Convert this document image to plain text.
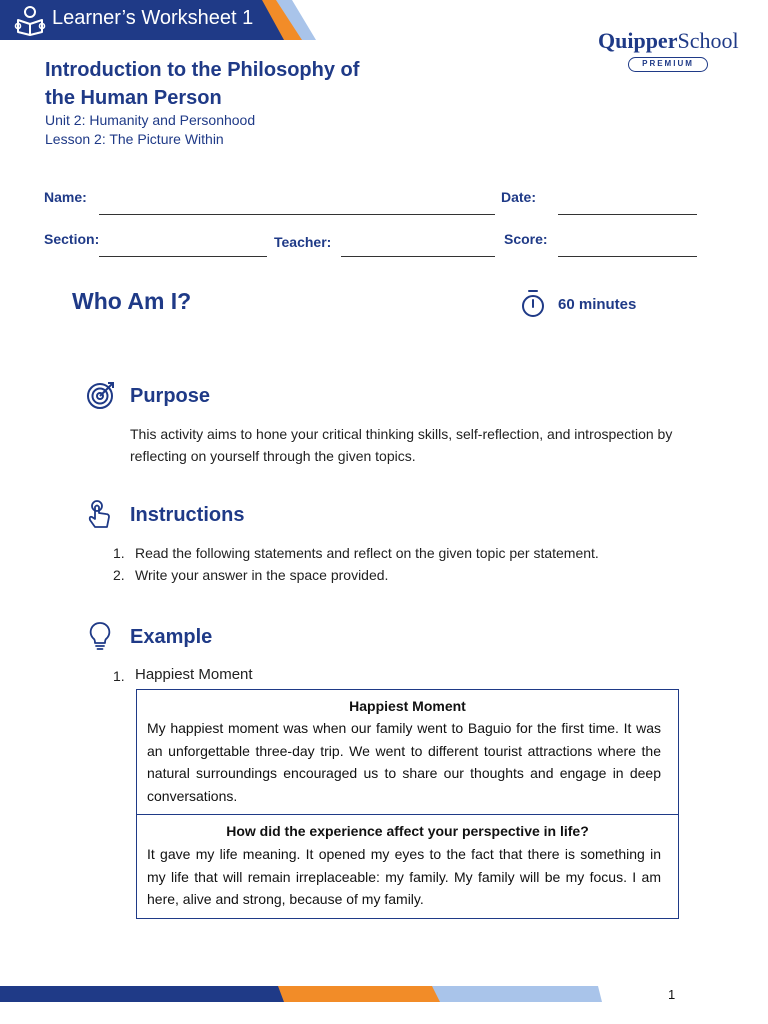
Learner’s Worksheet 1
QuipperSchool
PREMIUM
Introduction to the Philosophy of the Human Person
Unit 2: Humanity and Personhood
Lesson 2: The Picture Within
Name:	Date:
Section:	Teacher:	Score:
Who Am I?	60 minutes
Purpose
This activity aims to hone your critical thinking skills, self-reflection, and introspection by reflecting on yourself through the given topics.
Instructions
1. Read the following statements and reflect on the given topic per statement.
2. Write your answer in the space provided.
Example
1. Happiest Moment
Happiest Moment
My happiest moment was when our family went to Baguio for the first time. It was an unforgettable three-day trip. We went to different tourist attractions where the natural surroundings encouraged us to share our thoughts and engage in deep conversations.
How did the experience affect your perspective in life?
It gave my life meaning. It opened my eyes to the fact that there is something in my life that will remain irreplaceable: my family. My family will be my focus. I am here, alive and strong, because of my family.
1
